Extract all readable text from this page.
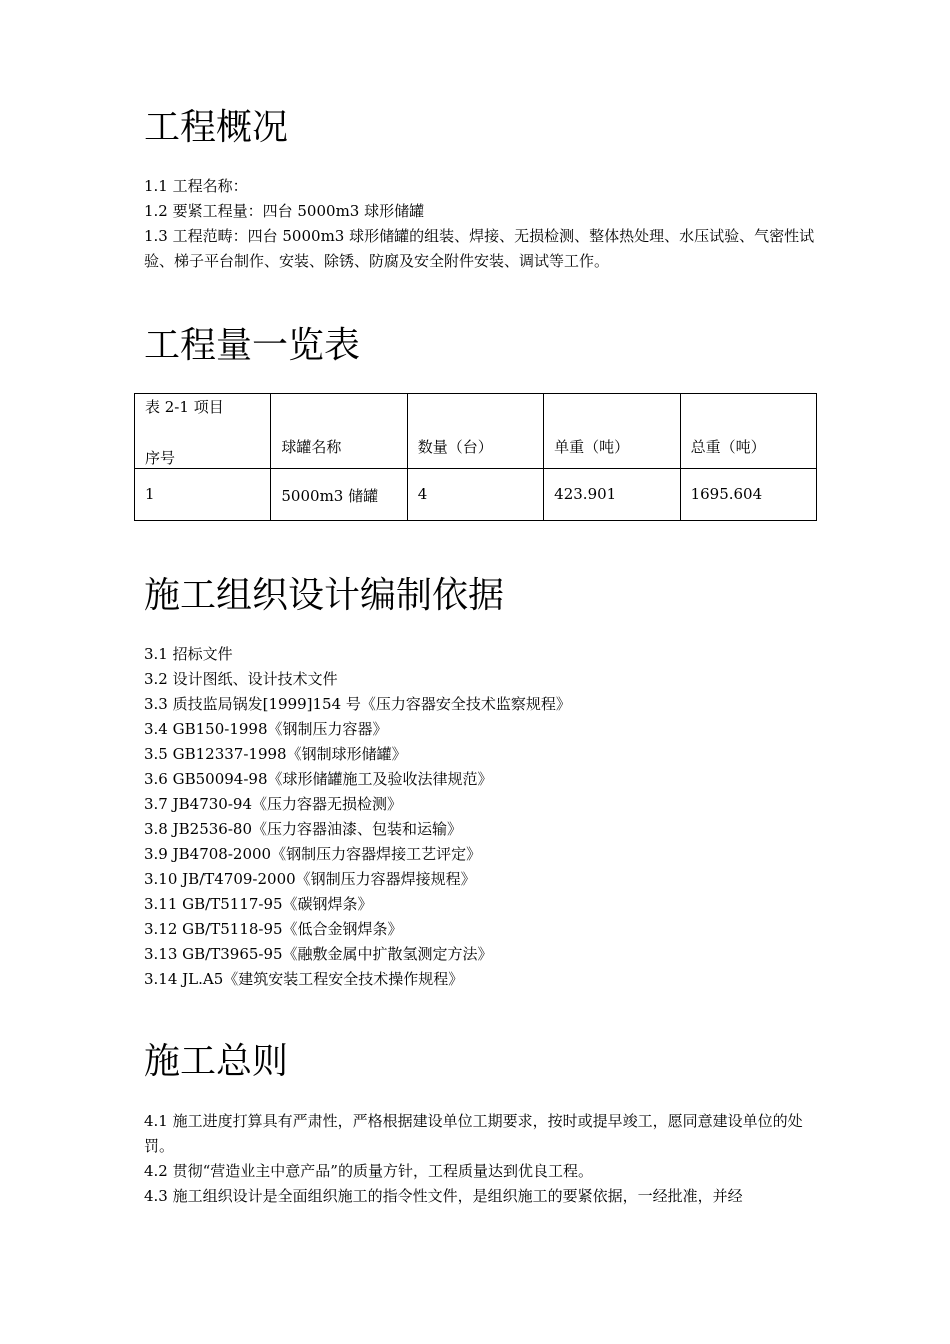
工程概况

1.1 工程名称：

1.2 要紧工程量：四台 5000m3 球形储罐

1.3 工程范畴：四台 5000m3 球形储罐的组装、焊接、无损检测、整体热处理、水压试验、气密性试验、梯子平台制作、安装、除锈、防腐及安全附件安装、调试等工作。

工程量一览表
表 2-1 项目
序号	球罐名称	数量（台）	单重（吨）	总重（吨）
1	5000m3 储罐	4	423.901	1695.604
施工组织设计编制依据

3.1 招标文件

3.2 设计图纸、设计技术文件

3.3 质技监局锅发[1999]154 号《压力容器安全技术监察规程》

3.4 GB150-1998《钢制压力容器》

3.5 GB12337-1998《钢制球形储罐》

3.6 GB50094-98《球形储罐施工及验收法律规范》

3.7 JB4730-94《压力容器无损检测》

3.8 JB2536-80《压力容器油漆、包装和运输》

3.9 JB4708-2000《钢制压力容器焊接工艺评定》

3.10 JB/T4709-2000《钢制压力容器焊接规程》

3.11 GB/T5117-95《碳钢焊条》

3.12 GB/T5118-95《低合金钢焊条》

3.13 GB/T3965-95《融敷金属中扩散氢测定方法》

3.14 JL.A5《建筑安装工程安全技术操作规程》

施工总则

4.1 施工进度打算具有严肃性，严格根据建设单位工期要求，按时或提早竣工，愿同意建设单位的处罚。

4.2 贯彻“营造业主中意产品”的质量方针，工程质量达到优良工程。

4.3 施工组织设计是全面组织施工的指令性文件，是组织施工的要紧依据，一经批准，并经
